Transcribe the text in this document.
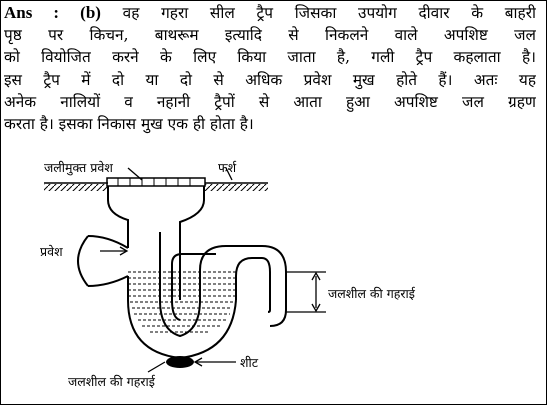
Ans : (b) वह गहरा सील ट्रैप जिसका उपयोग दीवार के बाहरी
पृष्ठ पर किचन, बाथरूम इत्यादि से निकलने वाले अपशिष्ट जल
को वियोजित करने के लिए किया जाता है, गली ट्रैप कहलाता है।
इस ट्रैप में दो या दो से अधिक प्रवेश मुख होते हैं। अतः यह
अनेक नालियों व नहानी ट्रैपों से आता हुआ अपशिष्ट जल ग्रहण
करता है। इसका निकास मुख एक ही होता है।
जलीमुक्त प्रवेश	फर्श
प्रवेश
जलशील की गहराई
शीट
जलशील की गहराई
